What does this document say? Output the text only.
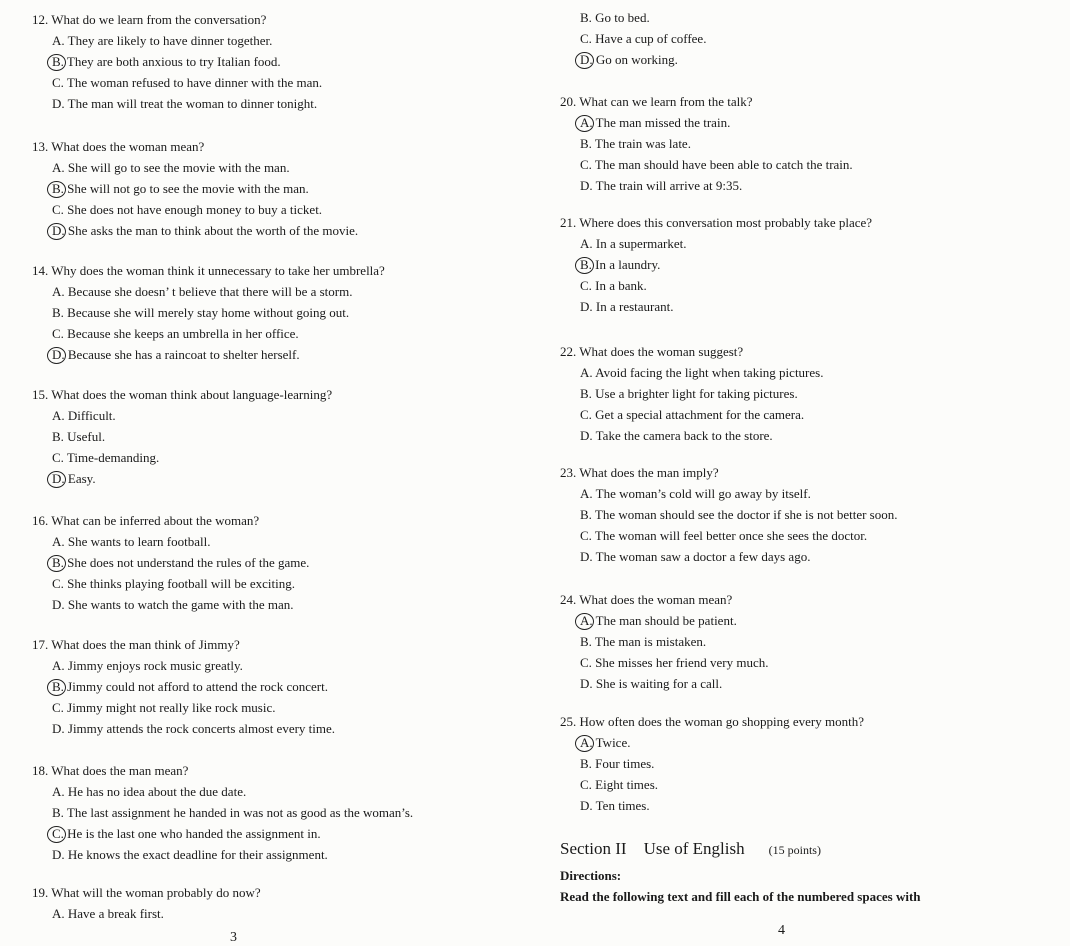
12. What do we learn from the conversation?
A. They are likely to have dinner together.
B. They are both anxious to try Italian food.
C. The woman refused to have dinner with the man.
D. The man will treat the woman to dinner tonight.
13. What does the woman mean?
A. She will go to see the movie with the man.
B. She will not go to see the movie with the man.
C. She does not have enough money to buy a ticket.
D. She asks the man to think about the worth of the movie.
14. Why does the woman think it unnecessary to take her umbrella?
A. Because she doesn’ t believe that there will be a storm.
B. Because she will merely stay home without going out.
C. Because she keeps an umbrella in her office.
D. Because she has a raincoat to shelter herself.
15. What does the woman think about language-learning?
A. Difficult.
B. Useful.
C. Time-demanding.
D. Easy.
16. What can be inferred about the woman?
A. She wants to learn football.
B. She does not understand the rules of the game.
C. She thinks playing football will be exciting.
D. She wants to watch the game with the man.
17. What does the man think of Jimmy?
A. Jimmy enjoys rock music greatly.
B. Jimmy could not afford to attend the rock concert.
C. Jimmy might not really like rock music.
D. Jimmy attends the rock concerts almost every time.
18. What does the man mean?
A. He has no idea about the due date.
B. The last assignment he handed in was not as good as the woman’s.
C. He is the last one who handed the assignment in.
D. He knows the exact deadline for their assignment.
19. What will the woman probably do now?
A. Have a break first.
B. Go to bed.
C. Have a cup of coffee.
D. Go on working.
20. What can we learn from the talk?
A. The man missed the train.
B. The train was late.
C. The man should have been able to catch the train.
D. The train will arrive at 9:35.
21. Where does this conversation most probably take place?
A. In a supermarket.
B. In a laundry.
C. In a bank.
D. In a restaurant.
22. What does the woman suggest?
A. Avoid facing the light when taking pictures.
B. Use a brighter light for taking pictures.
C. Get a special attachment for the camera.
D. Take the camera back to the store.
23. What does the man imply?
A. The woman’s cold will go away by itself.
B. The woman should see the doctor if she is not better soon.
C. The woman will feel better once she sees the doctor.
D. The woman saw a doctor a few days ago.
24. What does the woman mean?
A. The man should be patient.
B. The man is mistaken.
C. She misses her friend very much.
D. She is waiting for a call.
25. How often does the woman go shopping every month?
A. Twice.
B. Four times.
C. Eight times.
D. Ten times.
Section II　Use of English (15 points)
Directions:
Read the following text and fill each of the numbered spaces with
3	4
